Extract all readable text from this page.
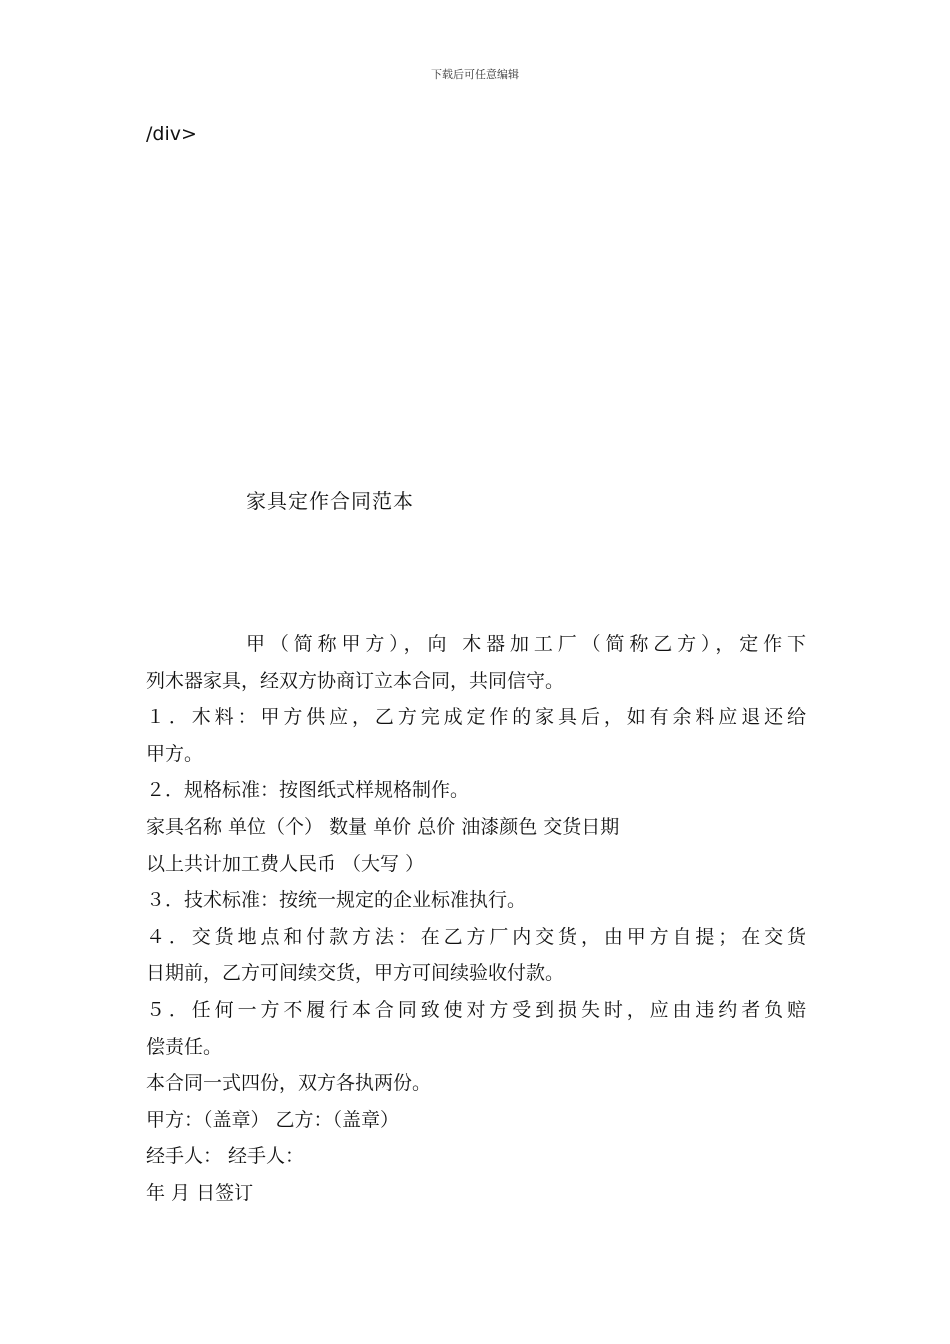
下载后可任意编辑
/div>
家具定作合同范本
甲（简称甲方），向 木器加工厂（简称乙方），定作下
列木器家具，经双方协商订立本合同，共同信守。
１．木料：甲方供应，乙方完成定作的家具后，如有余料应退还给
甲方。
２．规格标准：按图纸式样规格制作。
家具名称 单位（个） 数量 单价 总价 油漆颜色 交货日期
以上共计加工费人民币 （大写 ）
３．技术标准：按统一规定的企业标准执行。
４．交货地点和付款方法：在乙方厂内交货，由甲方自提；在交货
日期前，乙方可间续交货，甲方可间续验收付款。
５．任何一方不履行本合同致使对方受到损失时，应由违约者负赔
偿责任。
本合同一式四份，双方各执两份。
甲方：（盖章） 乙方：（盖章）
经手人： 经手人：
年 月 日签订
